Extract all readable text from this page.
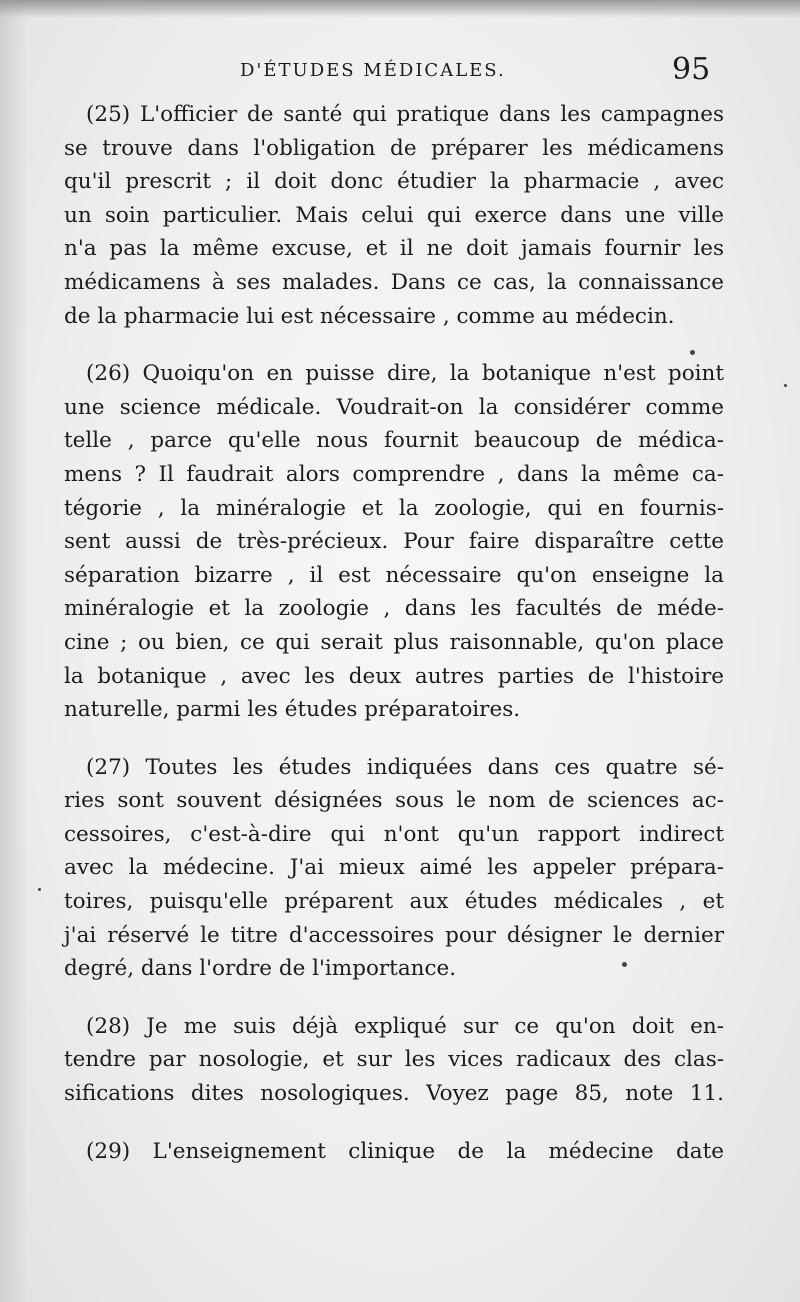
D'ÉTUDES MÉDICALES.	95
(25) L'officier de santé qui pratique dans les campagnes
se trouve dans l'obligation de préparer les médicamens
qu'il prescrit ; il doit donc étudier la pharmacie , avec
un soin particulier. Mais celui qui exerce dans une ville
n'a pas la même excuse, et il ne doit jamais fournir les
médicamens à ses malades. Dans ce cas, la connaissance
de la pharmacie lui est nécessaire , comme au médecin.
(26) Quoiqu'on en puisse dire, la botanique n'est point
une science médicale. Voudrait-on la considérer comme
telle , parce qu'elle nous fournit beaucoup de médica-
mens ? Il faudrait alors comprendre , dans la même ca-
tégorie , la minéralogie et la zoologie, qui en fournis-
sent aussi de très-précieux. Pour faire disparaître cette
séparation bizarre , il est nécessaire qu'on enseigne la
minéralogie et la zoologie , dans les facultés de méde-
cine ; ou bien, ce qui serait plus raisonnable, qu'on place
la botanique , avec les deux autres parties de l'histoire
naturelle, parmi les études préparatoires.
(27) Toutes les études indiquées dans ces quatre sé-
ries sont souvent désignées sous le nom de sciences ac-
cessoires, c'est-à-dire qui n'ont qu'un rapport indirect
avec la médecine. J'ai mieux aimé les appeler prépara-
toires, puisqu'elle préparent aux études médicales , et
j'ai réservé le titre d'accessoires pour désigner le dernier
degré, dans l'ordre de l'importance.
(28) Je me suis déjà expliqué sur ce qu'on doit en-
tendre par nosologie, et sur les vices radicaux des clas-
sifications dites nosologiques. Voyez page 85, note 11.
(29) L'enseignement clinique de la médecine date
